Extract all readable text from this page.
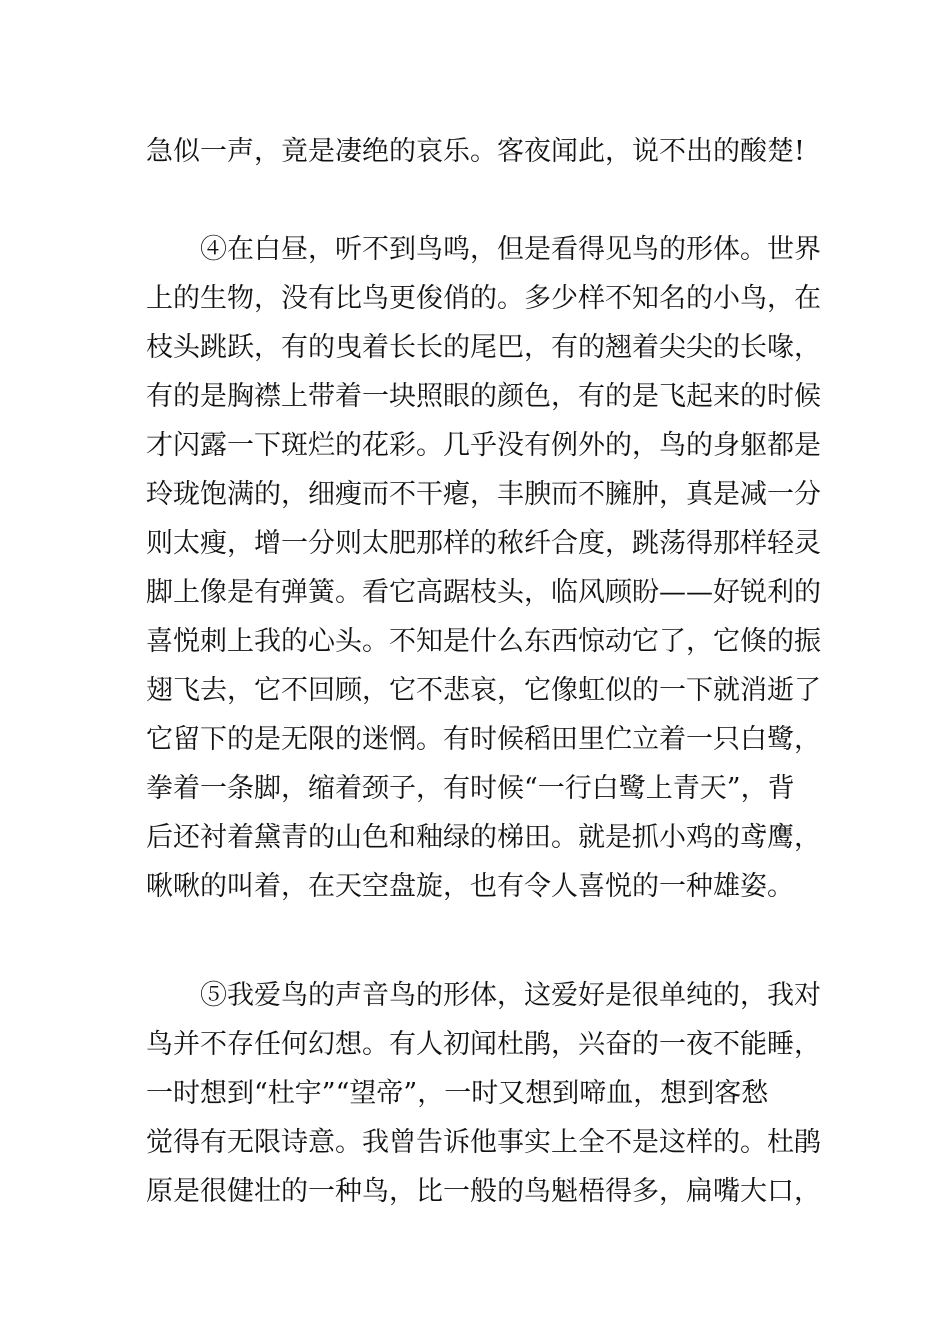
急似一声，竟是凄绝的哀乐。客夜闻此，说不出的酸楚!
④在白昼，听不到鸟鸣，但是看得见鸟的形体。世界
上的生物，没有比鸟更俊俏的。多少样不知名的小鸟，在
枝头跳跃，有的曳着长长的尾巴，有的翘着尖尖的长喙，
有的是胸襟上带着一块照眼的颜色，有的是飞起来的时候
才闪露一下斑烂的花彩。几乎没有例外的，鸟的身躯都是
玲珑饱满的，细瘦而不干瘪，丰腴而不臃肿，真是减一分
则太瘦，增一分则太肥那样的秾纤合度，跳荡得那样轻灵
脚上像是有弹簧。看它高踞枝头，临风顾盼——好锐利的
喜悦刺上我的心头。不知是什么东西惊动它了，它倏的振
翅飞去，它不回顾，它不悲哀，它像虹似的一下就消逝了
它留下的是无限的迷惘。有时候稻田里伫立着一只白鹭，
拳着一条脚，缩着颈子，有时候“一行白鹭上青天”，背
后还衬着黛青的山色和釉绿的梯田。就是抓小鸡的鸢鹰，
啾啾的叫着，在天空盘旋，也有令人喜悦的一种雄姿。
⑤我爱鸟的声音鸟的形体，这爱好是很单纯的，我对
鸟并不存任何幻想。有人初闻杜鹃，兴奋的一夜不能睡，
一时想到“杜宇”“望帝”，一时又想到啼血，想到客愁
觉得有无限诗意。我曾告诉他事实上全不是这样的。杜鹃
原是很健壮的一种鸟，比一般的鸟魁梧得多，扁嘴大口，
